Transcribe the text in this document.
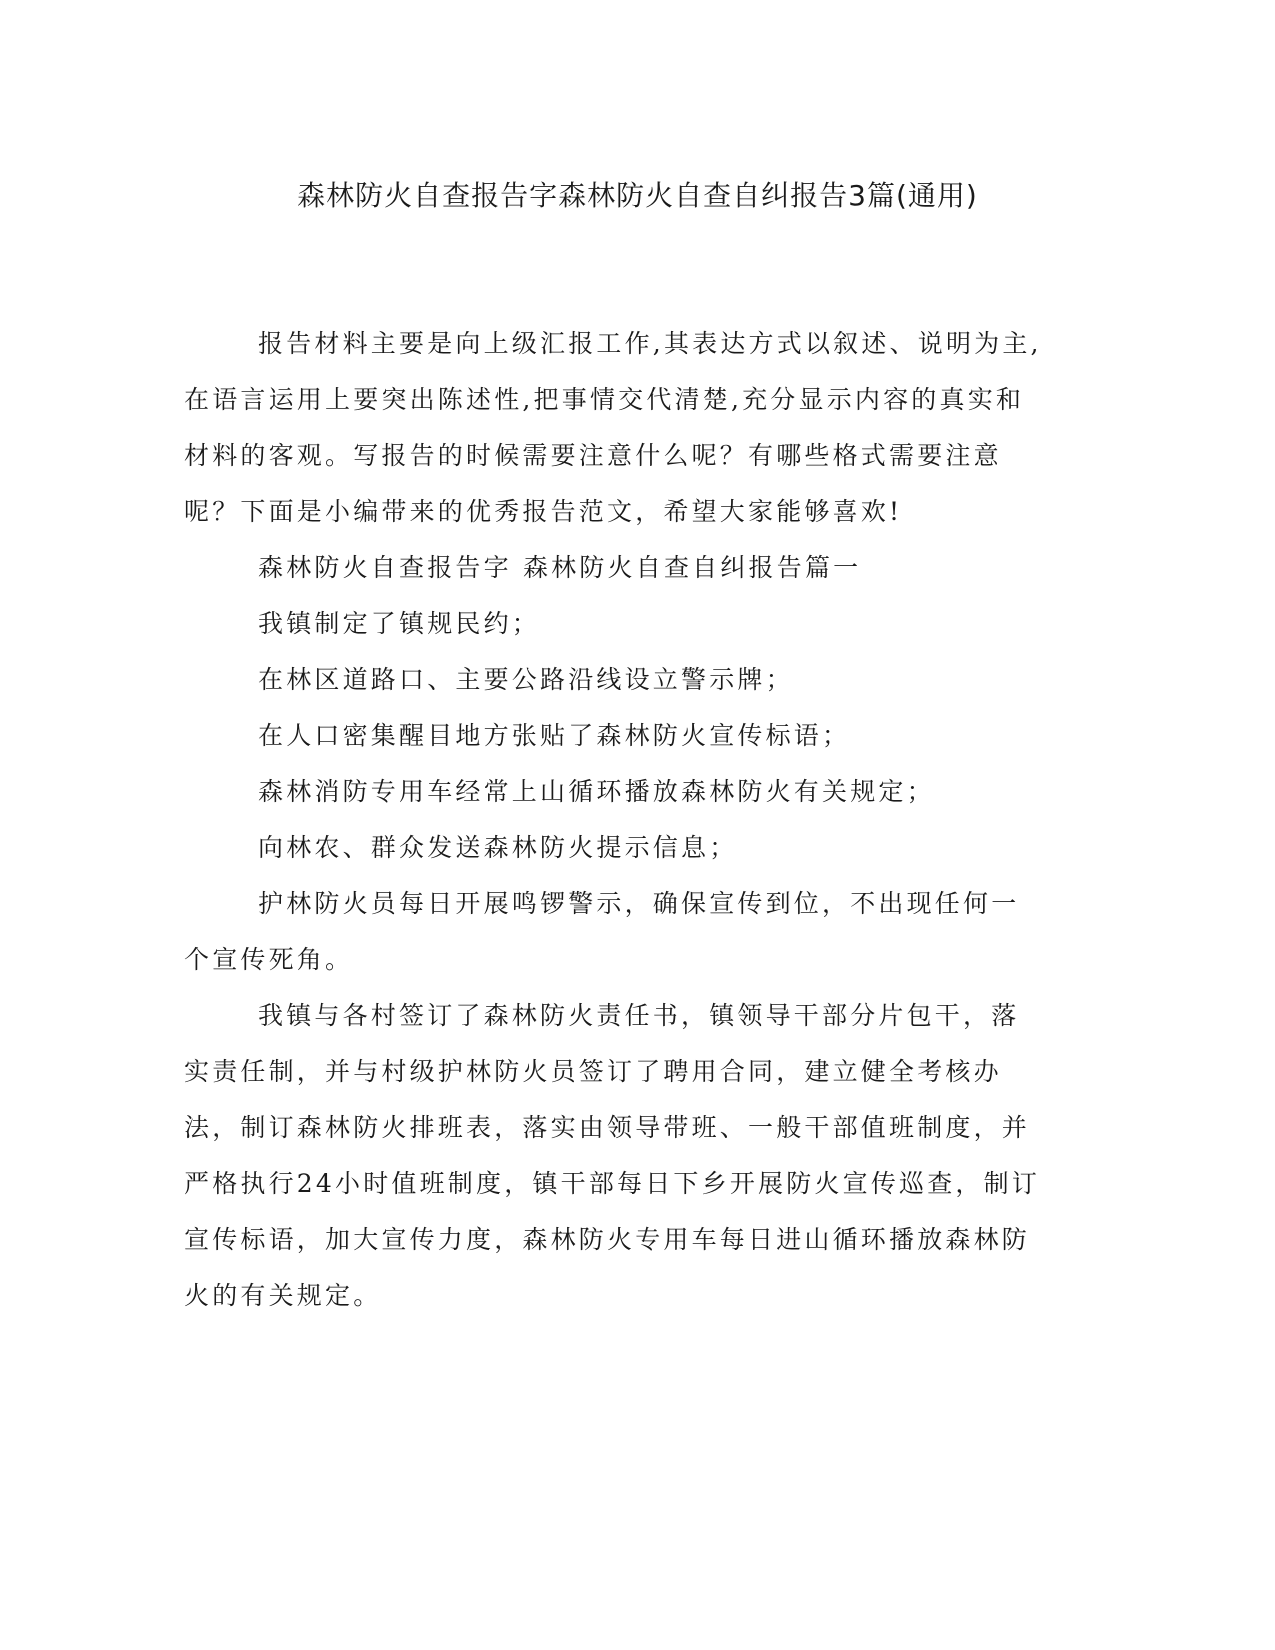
森林防火自查报告字森林防火自查自纠报告3篇(通用)

报告材料主要是向上级汇报工作,其表达方式以叙述、说明为主,在语言运用上要突出陈述性,把事情交代清楚,充分显示内容的真实和材料的客观。写报告的时候需要注意什么呢？有哪些格式需要注意呢？下面是小编带来的优秀报告范文，希望大家能够喜欢!

森林防火自查报告字 森林防火自查自纠报告篇一

我镇制定了镇规民约；

在林区道路口、主要公路沿线设立警示牌；

在人口密集醒目地方张贴了森林防火宣传标语；

森林消防专用车经常上山循环播放森林防火有关规定；

向林农、群众发送森林防火提示信息；

护林防火员每日开展鸣锣警示，确保宣传到位，不出现任何一个宣传死角。

我镇与各村签订了森林防火责任书，镇领导干部分片包干，落实责任制，并与村级护林防火员签订了聘用合同，建立健全考核办法，制订森林防火排班表，落实由领导带班、一般干部值班制度，并严格执行24小时值班制度，镇干部每日下乡开展防火宣传巡查，制订宣传标语，加大宣传力度，森林防火专用车每日进山循环播放森林防火的有关规定。
